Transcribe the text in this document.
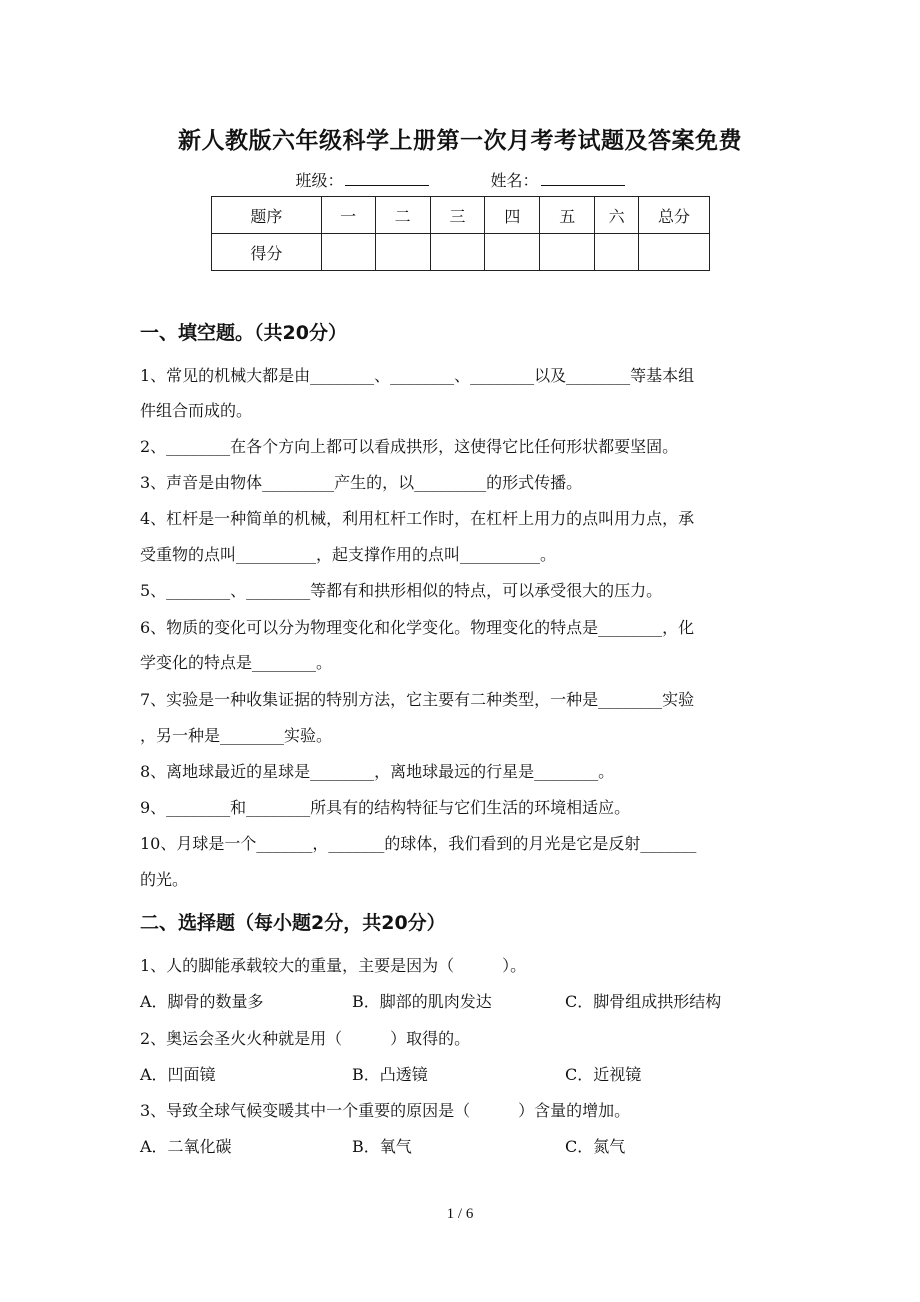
新人教版六年级科学上册第一次月考考试题及答案免费
班级：	姓名：
题序	一	二	三	四	五	六	总分
得分							
一、填空题。（共20分）
1、常见的机械大都是由________、________、________以及________等基本组
件组合而成的。
2、________在各个方向上都可以看成拱形，这使得它比任何形状都要坚固。
3、声音是由物体_________产生的，以_________的形式传播。
4、杠杆是一种简单的机械，利用杠杆工作时，在杠杆上用力的点叫用力点，承
受重物的点叫__________，起支撑作用的点叫__________。
5、________、________等都有和拱形相似的特点，可以承受很大的压力。
6、物质的变化可以分为物理变化和化学变化。物理变化的特点是________，化
学变化的特点是________。
7、实验是一种收集证据的特别方法，它主要有二种类型，一种是________实验
，另一种是________实验。
8、离地球最近的星球是________，离地球最远的行星是________。
9、________和________所具有的结构特征与它们生活的环境相适应。
10、月球是一个_______，_______的球体，我们看到的月光是它是反射_______
的光。
二、选择题（每小题2分，共20分）
1、人的脚能承载较大的重量，主要是因为（　　　）。
A．脚骨的数量多	B．脚部的肌肉发达	C．脚骨组成拱形结构
2、奥运会圣火火种就是用（　　　）取得的。
A．凹面镜	B．凸透镜	C．近视镜
3、导致全球气候变暖其中一个重要的原因是（　　　）含量的增加。
A．二氧化碳	B．氧气	C．氮气
1 / 6
